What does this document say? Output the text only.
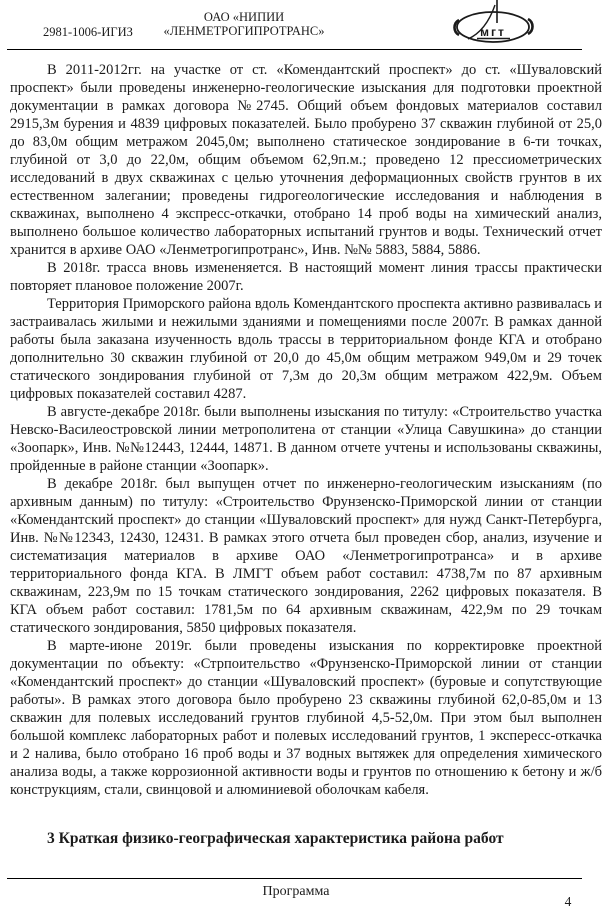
2981-1006-ИГИЗ
ОАО «НИПИИ
«ЛЕНМЕТРОГИПРОТРАНС»	мгт

В 2011-2012гг. на участке от ст. «Комендантский проспект» до ст. «Шуваловский проспект» были проведены инженерно-геологические изыскания для подготовки проектной документации в рамках договора №2745. Общий объем фондовых материалов составил 2915,3м бурения и 4839 цифровых показателей. Было пробурено 37 скважин глубиной от 25,0 до 83,0м общим метражом 2045,0м; выполнено статическое зондирование в 6-ти точках, глубиной от 3,0 до 22,0м, общим объемом 62,9п.м.; проведено 12 прессиометрических исследований в двух скважинах с целью уточнения деформационных свойств грунтов в их естественном залегании; проведены гидрогеологические исследования и наблюдения в скважинах, выполнено 4 экспресс-откачки, отобрано 14 проб воды на химический анализ, выполнено большое количество лабораторных испытаний грунтов и воды. Технический отчет хранится в архиве ОАО «Ленметрогипротранс», Инв. №№ 5883, 5884, 5886.

В 2018г. трасса вновь измененяется. В настоящий момент линия трассы практически повторяет плановое положение 2007г.

Территория Приморского района вдоль Комендантского проспекта активно развивалась и застраивалась жилыми и нежилыми зданиями и помещениями после 2007г. В рамках данной работы была заказана изученность вдоль трассы в территориальном фонде КГА и отобрано дополнительно 30 скважин глубиной от 20,0 до 45,0м общим метражом 949,0м и 29 точек статического зондирования глубиной от 7,3м до 20,3м общим метражом 422,9м. Объем цифровых показателей составил 4287.

В августе-декабре 2018г. были выполнены изыскания по титулу: «Строительство участка Невско-Василеостровской линии метрополитена от станции «Улица Савушкина» до станции «Зоопарк», Инв. №№12443, 12444, 14871. В данном отчете учтены и использованы скважины, пройденные в районе станции «Зоопарк».

В декабре 2018г. был выпущен отчет по инженерно-геологическим изысканиям (по архивным данным) по титулу: «Строительство Фрунзенско-Приморской линии от станции «Комендантский проспект» до станции «Шуваловский проспект» для нужд Санкт-Петербурга, Инв. №№12343, 12430, 12431. В рамках этого отчета был проведен сбор, анализ, изучение и систематизация материалов в архиве ОАО «Ленметрогипротранса» и в архиве территориального фонда КГА. В ЛМГТ объем работ составил: 4738,7м по 87 архивным скважинам, 223,9м по 15 точкам статического зондирования, 2262 цифровых показателя. В КГА объем работ составил: 1781,5м по 64 архивным скважинам, 422,9м по 29 точкам статического зондирования, 5850 цифровых показателя.

В марте-июне 2019г. были проведены изыскания по корректировке проектной документации по объекту: «Стрпоительство «Фрунзенско-Приморской линии от станции «Комендантский проспект» до станции «Шуваловский проспект» (буровые и сопутствующие работы». В рамках этого договора было пробурено 23 скважины глубиной 62,0-85,0м и 13 скважин для полевых исследований грунтов глубиной 4,5-52,0м. При этом был выполнен большой комплекс лабораторных работ и полевых исследований грунтов, 1 экспересс-откачка и 2 налива, было отобрано 16 проб воды и 37 водных вытяжек для определения химического анализа воды, а также коррозионной активности воды и грунтов по отношению к бетону и ж/б конструкциям, стали, свинцовой и алюминиевой оболочкам кабеля.

3 Краткая физико-географическая характеристика района работ
Программа
4
